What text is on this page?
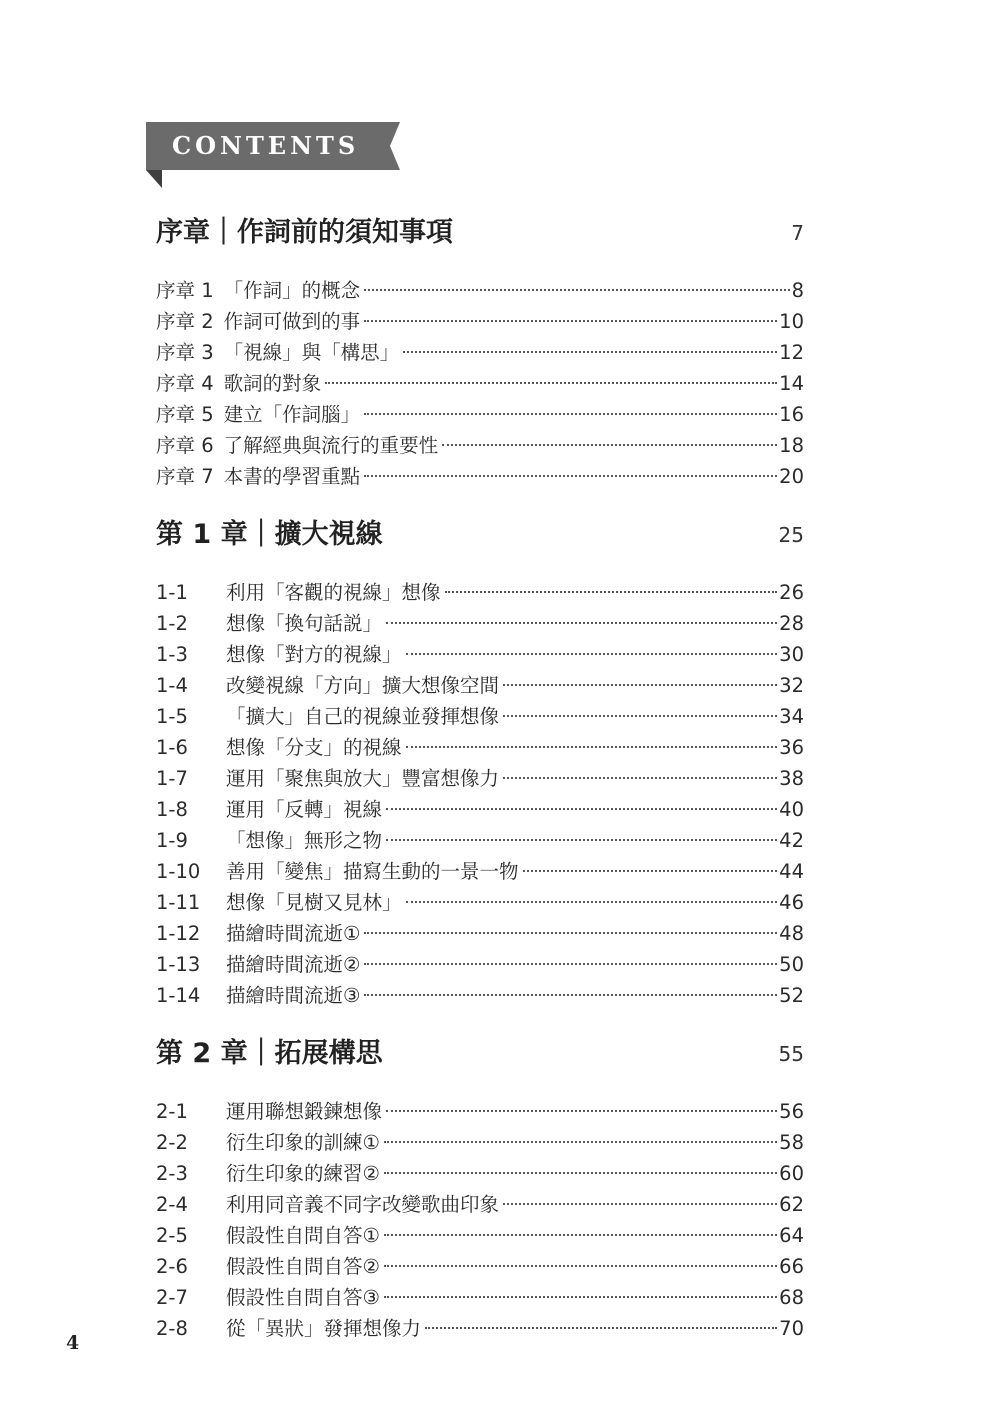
CONTENTS
序章｜作詞前的須知事項	7
序章 1 「作詞」的概念	8
序章 2 作詞可做到的事	10
序章 3 「視線」與「構思」	12
序章 4 歌詞的對象	14
序章 5 建立「作詞腦」	16
序章 6 了解經典與流行的重要性	18
序章 7 本書的學習重點	20
第 1 章｜擴大視線	25
1-1	利用「客觀的視線」想像	26
1-2	想像「換句話説」	28
1-3	想像「對方的視線」	30
1-4	改變視線「方向」擴大想像空間	32
1-5	「擴大」自己的視線並發揮想像	34
1-6	想像「分支」的視線	36
1-7	運用「聚焦與放大」豐富想像力	38
1-8	運用「反轉」視線	40
1-9	「想像」無形之物	42
1-10	善用「變焦」描寫生動的一景一物	44
1-11	想像「見樹又見林」	46
1-12	描繪時間流逝①	48
1-13	描繪時間流逝②	50
1-14	描繪時間流逝③	52
第 2 章｜拓展構思	55
2-1	運用聯想鍛鍊想像	56
2-2	衍生印象的訓練①	58
2-3	衍生印象的練習②	60
2-4	利用同音義不同字改變歌曲印象	62
2-5	假設性自問自答①	64
2-6	假設性自問自答②	66
2-7	假設性自問自答③	68
2-8	從「異狀」發揮想像力	70
4
